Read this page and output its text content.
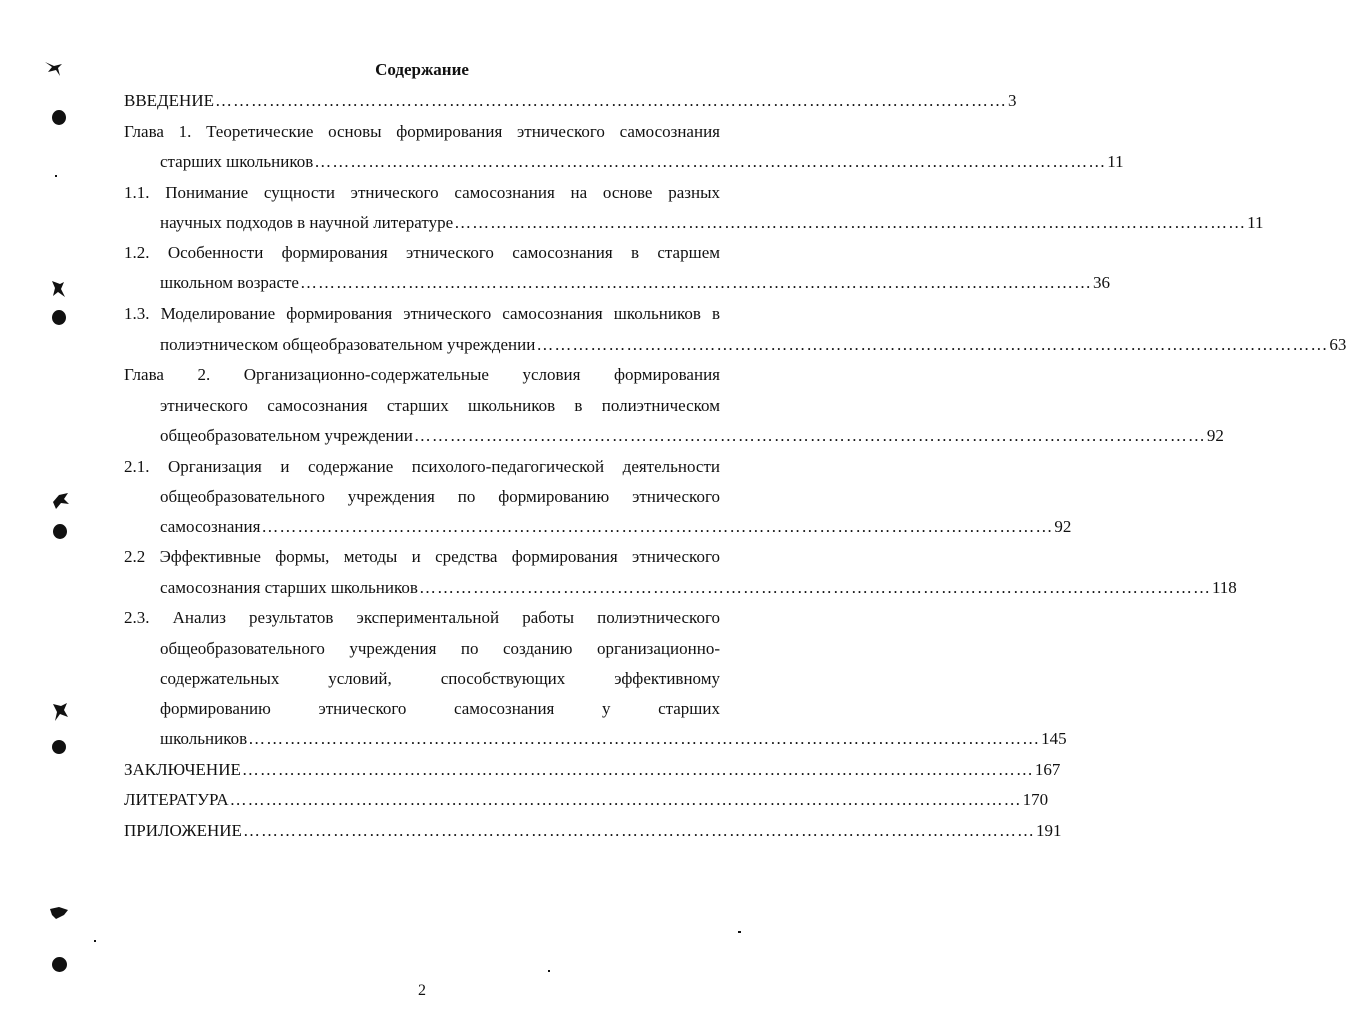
Содержание
ВВЕДЕНИЕ …………………………………………………………………………………………………………………… 3
Глава 1. Теоретические основы формирования этнического самосознания
старших школьников …………………………………………………………………………………………………………………… 11
1.1. Понимание сущности этнического самосознания на основе разных
научных подходов в научной литературе …………………………………………………………………………………………………………………… 11
1.2. Особенности формирования этнического самосознания в старшем
школьном возрасте …………………………………………………………………………………………………………………… 36
1.3. Моделирование формирования этнического самосознания школьников в
полиэтническом общеобразовательном учреждении …………………………………………………………………………………………………………………… 63
Глава 2. Организационно-содержательные условия формирования
этнического самосознания старших школьников в полиэтническом
общеобразовательном учреждении …………………………………………………………………………………………………………………… 92
2.1. Организация и содержание психолого-педагогической деятельности
общеобразовательного учреждения по формированию этнического
самосознания …………………………………………………………………………………………………………………… 92
2.2 Эффективные формы, методы и средства формирования этнического
самосознания старших школьников …………………………………………………………………………………………………………………… 118
2.3. Анализ результатов экспериментальной работы полиэтнического
общеобразовательного учреждения по созданию организационно-
содержательных условий, способствующих эффективному
формированию этнического самосознания у старших
школьников …………………………………………………………………………………………………………………… 145
ЗАКЛЮЧЕНИЕ …………………………………………………………………………………………………………………… 167
ЛИТЕРАТУРА …………………………………………………………………………………………………………………… 170
ПРИЛОЖЕНИЕ …………………………………………………………………………………………………………………… 191
2
